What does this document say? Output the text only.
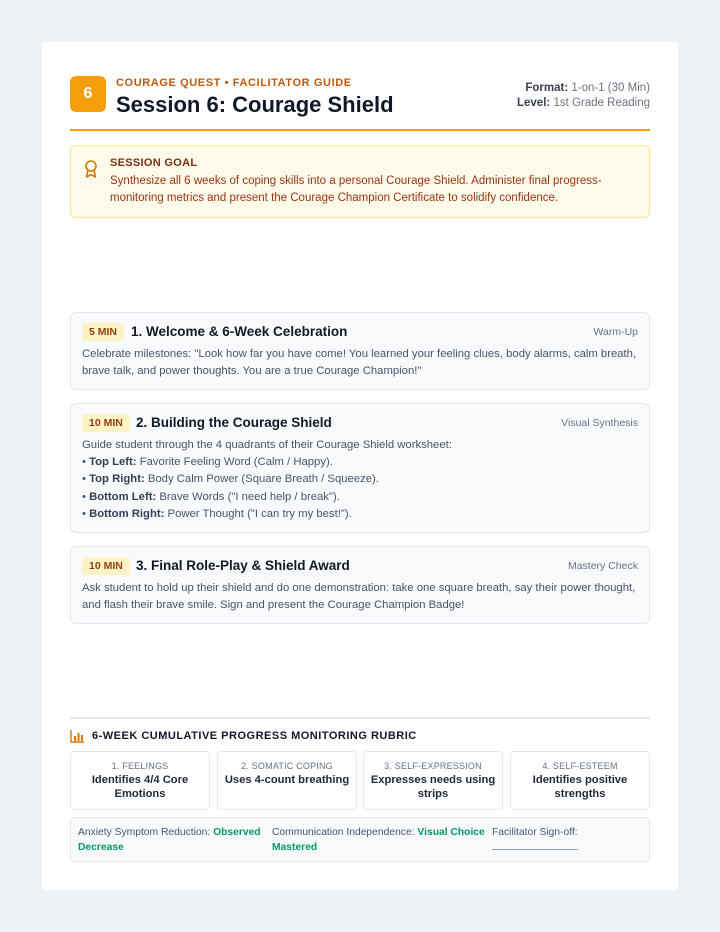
6
COURAGE QUEST • FACILITATOR GUIDE
Session 6: Courage Shield
Format: 1-on-1 (30 Min)
Level: 1st Grade Reading
SESSION GOAL
Synthesize all 6 weeks of coping skills into a personal Courage Shield. Administer final progress-monitoring metrics and present the Courage Champion Certificate to solidify confidence.
5 MIN	1. Welcome & 6-Week Celebration	Warm-Up
Celebrate milestones: "Look how far you have come! You learned your feeling clues, body alarms, calm breath, brave talk, and power thoughts. You are a true Courage Champion!"
10 MIN 2. Building the Courage Shield	Visual Synthesis
Guide student through the 4 quadrants of their Courage Shield worksheet:
• Top Left: Favorite Feeling Word (Calm / Happy).
• Top Right: Body Calm Power (Square Breath / Squeeze).
• Bottom Left: Brave Words ("I need help / break").
• Bottom Right: Power Thought ("I can try my best!").
10 MIN 3. Final Role-Play & Shield Award	Mastery Check
Ask student to hold up their shield and do one demonstration: take one square breath, say their power thought, and flash their brave smile. Sign and present the Courage Champion Badge!
6-WEEK CUMULATIVE PROGRESS MONITORING RUBRIC
1. FEELINGS
Identifies 4/4 Core Emotions
2. SOMATIC COPING
Uses 4-count breathing
3. SELF-EXPRESSION
Expresses needs using strips
4. SELF-ESTEEM
Identifies positive strengths
Anxiety Symptom Reduction: Observed Decrease
Communication Independence: Visual Choice Mastered
Facilitator Sign-off:
